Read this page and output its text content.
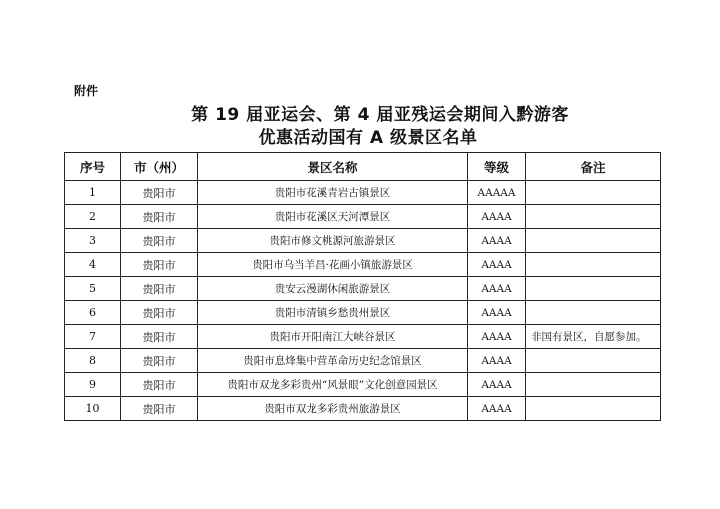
附件
第 19 届亚运会、第 4 届亚残运会期间入黔游客
优惠活动国有 A 级景区名单
序号	市（州）	景区名称	等级	备注
1	贵阳市	贵阳市花溪青岩古镇景区	AAAAA	
2	贵阳市	贵阳市花溪区天河潭景区	AAAA	
3	贵阳市	贵阳市修文桃源河旅游景区	AAAA	
4	贵阳市	贵阳市乌当羊昌·花画小镇旅游景区	AAAA	
5	贵阳市	贵安云漫湖休闲旅游景区	AAAA	
6	贵阳市	贵阳市清镇乡愁贵州景区	AAAA	
7	贵阳市	贵阳市开阳南江大峡谷景区	AAAA	非国有景区，自愿参加。
8	贵阳市	贵阳市息烽集中营革命历史纪念馆景区	AAAA	
9	贵阳市	贵阳市双龙多彩贵州“风景眼”文化创意园景区	AAAA	
10	贵阳市	贵阳市双龙多彩贵州旅游景区	AAAA	
